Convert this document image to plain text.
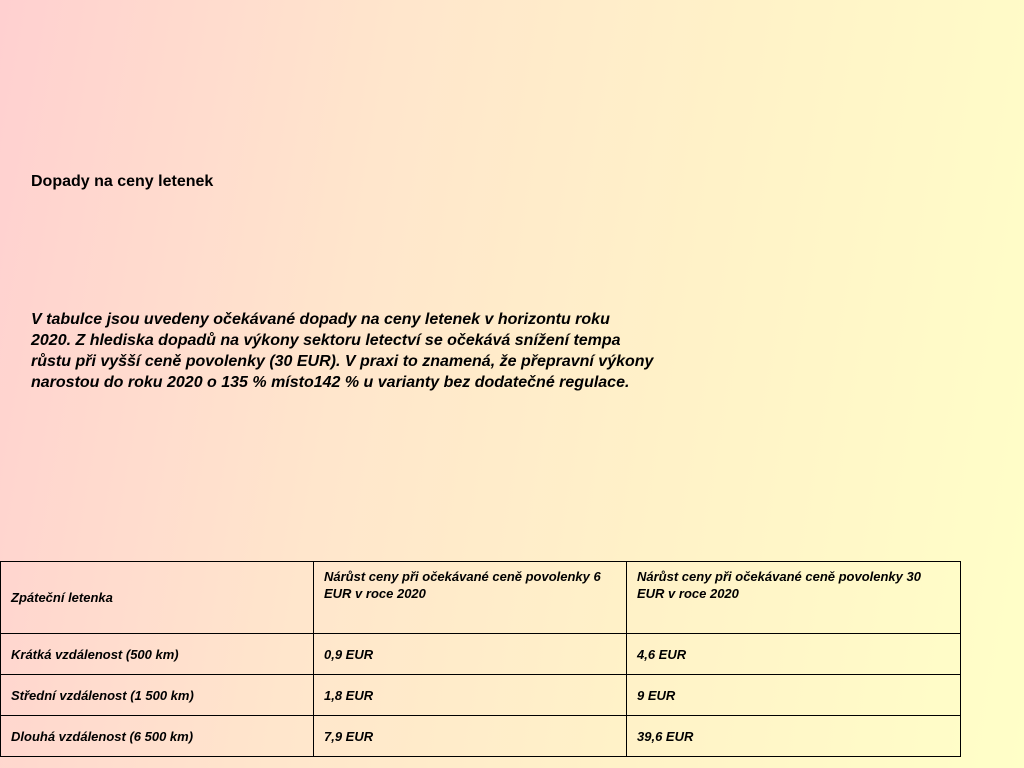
Dopady na ceny letenek

V tabulce jsou uvedeny očekávané dopady na ceny letenek v horizontu roku
2020. Z hlediska dopadů na výkony sektoru letectví se očekává snížení tempa
růstu při vyšší ceně povolenky (30 EUR). V praxi to znamená, že přepravní výkony
narostou do roku 2020 o 135 % místo142 % u varianty bez dodatečné regulace.

Zpáteční letenka	Nárůst ceny při očekávané ceně povolenky 6 EUR v roce 2020	Nárůst ceny při očekávané ceně povolenky 30 EUR v roce 2020
Krátká vzdálenost (500 km)	0,9 EUR	4,6 EUR
Střední vzdálenost (1 500 km)	1,8 EUR	9 EUR
Dlouhá vzdálenost (6 500 km)	7,9 EUR	39,6 EUR
